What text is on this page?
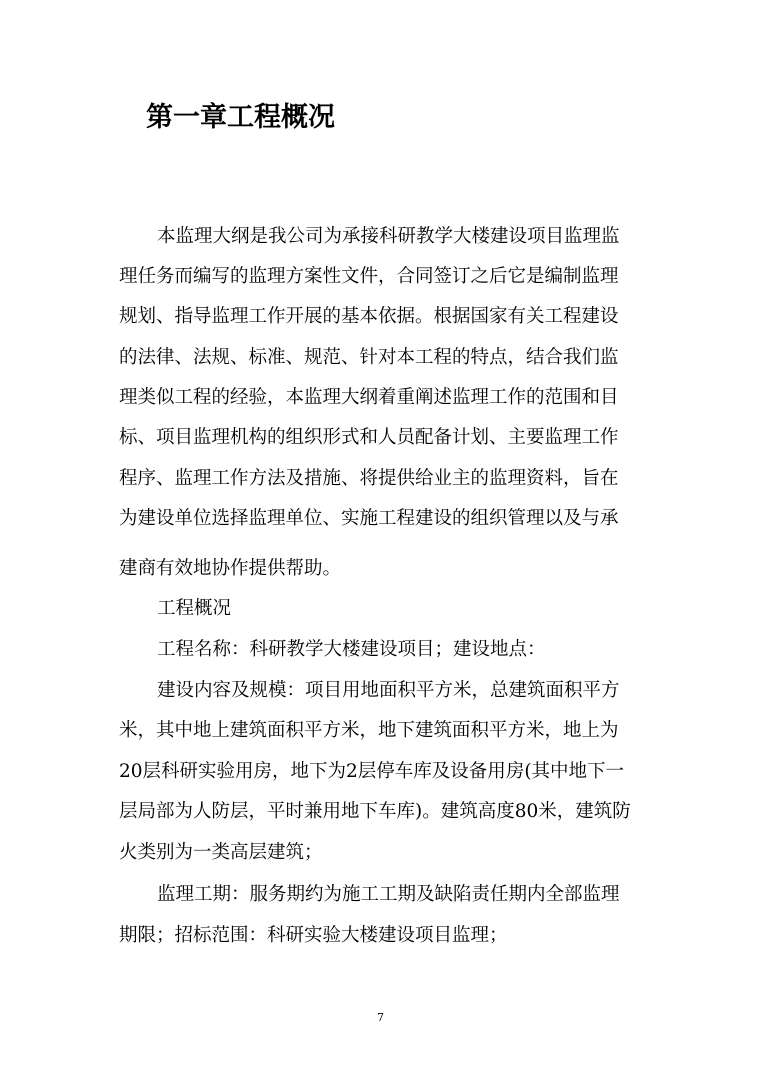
第一章工程概况

本监理大纲是我公司为承接科研教学大楼建设项目监理监

理任务而编写的监理方案性文件，合同签订之后它是编制监理

规划、指导监理工作开展的基本依据。根据国家有关工程建设

的法律、法规、标准、规范、针对本工程的特点，结合我们监

理类似工程的经验，本监理大纲着重阐述监理工作的范围和目

标、项目监理机构的组织形式和人员配备计划、主要监理工作

程序、监理工作方法及措施、将提供给业主的监理资料，旨在

为建设单位选择监理单位、实施工程建设的组织管理以及与承

建商有效地协作提供帮助。

工程概况

工程名称：科研教学大楼建设项目；建设地点：

建设内容及规模：项目用地面积平方米，总建筑面积平方

米，其中地上建筑面积平方米，地下建筑面积平方米，地上为

20层科研实验用房，地下为2层停车库及设备用房(其中地下一

层局部为人防层，平时兼用地下车库)。建筑高度80米，建筑防

火类别为一类高层建筑；

监理工期：服务期约为施工工期及缺陷责任期内全部监理

期限；招标范围：科研实验大楼建设项目监理；

7
